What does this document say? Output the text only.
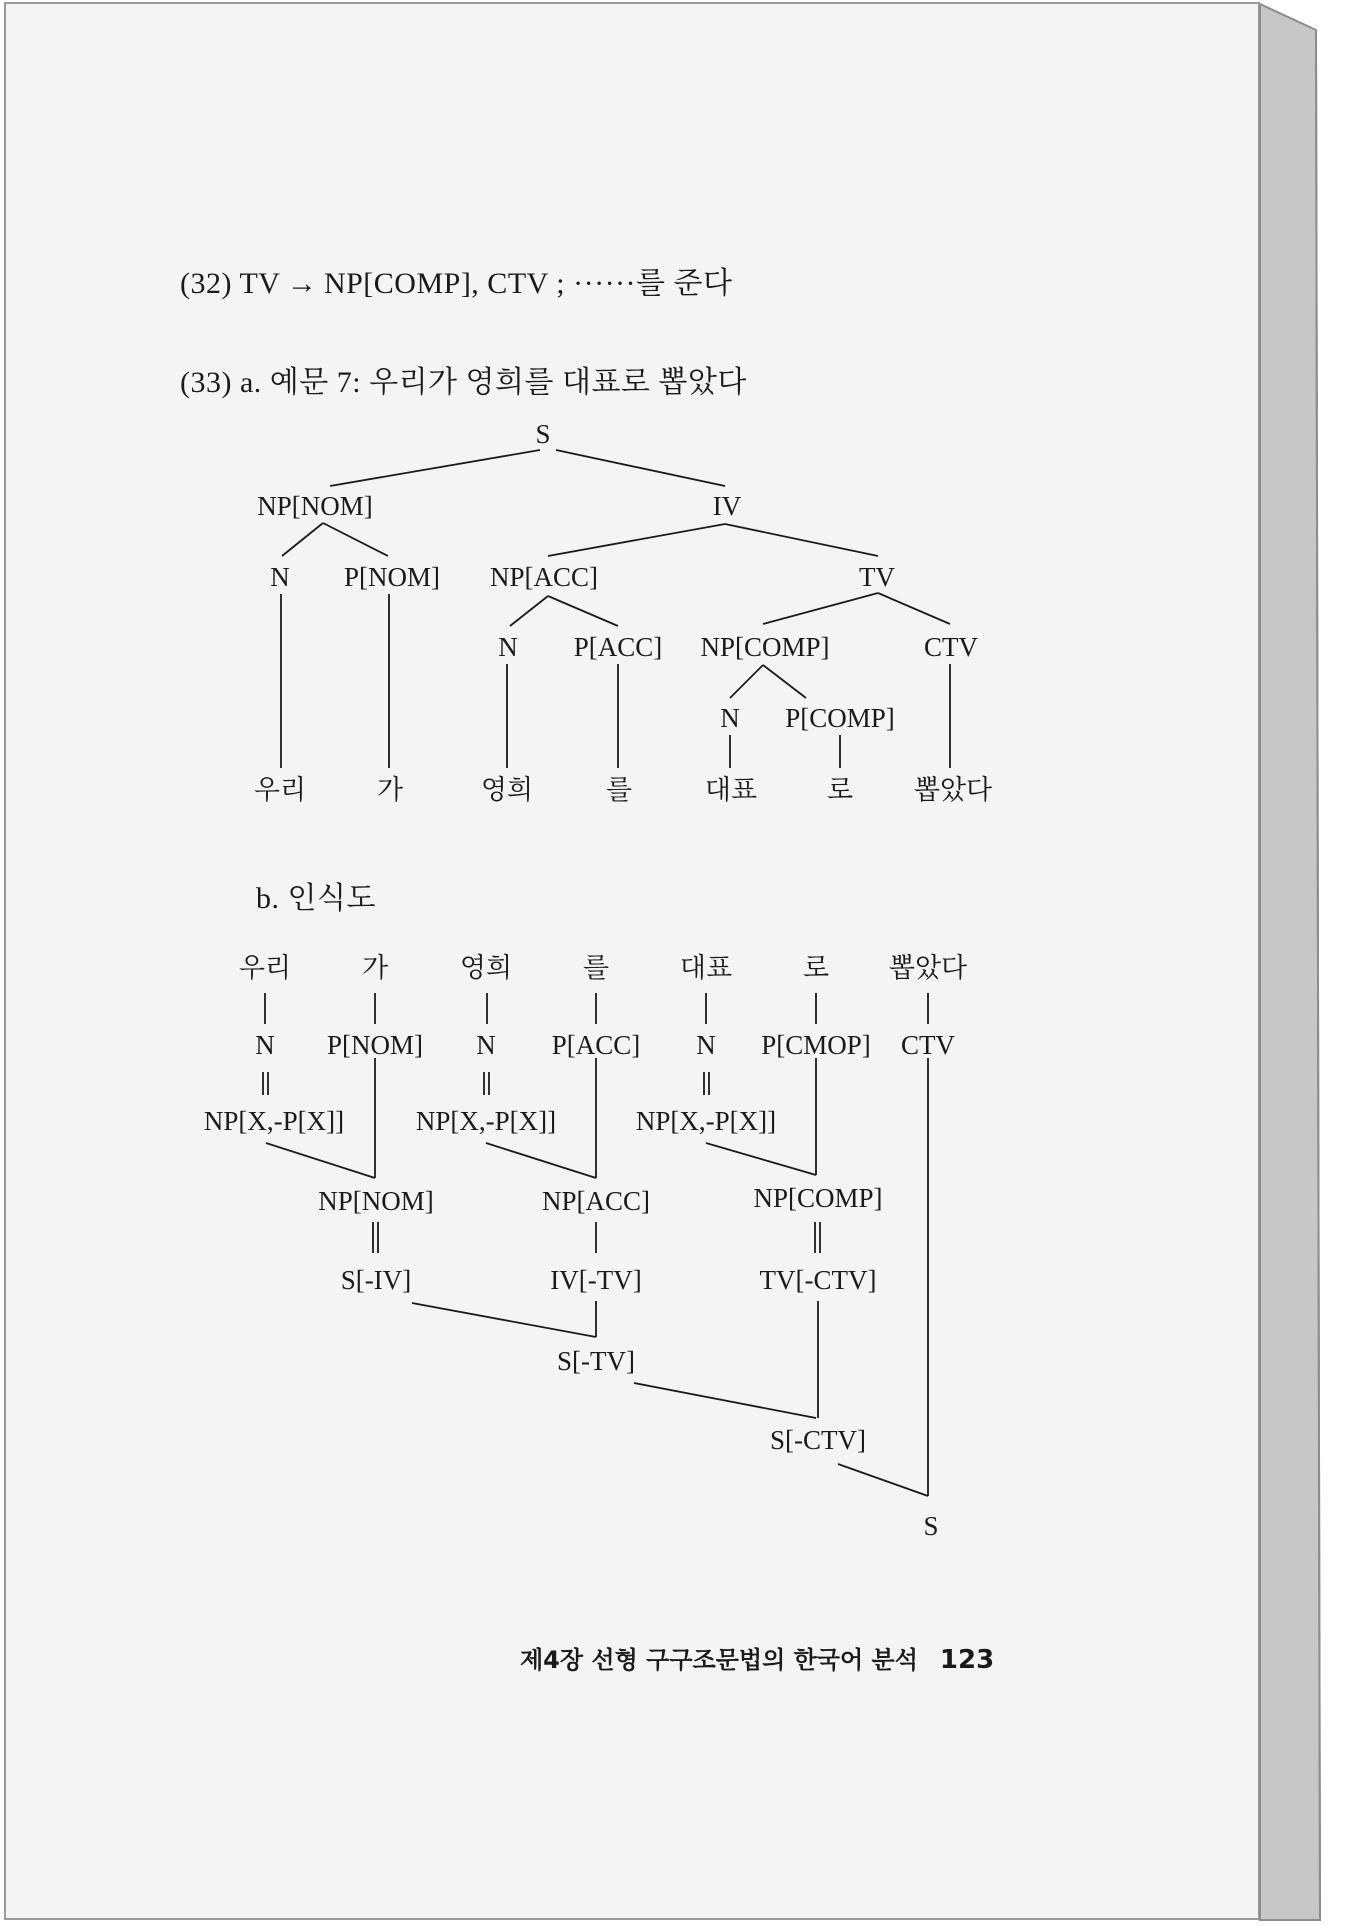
(32) TV → NP[COMP], CTV ; ······를 준다
(33) a. 예문 7: 우리가 영희를 대표로 뽑았다
b. 인식도
S
NP[NOM]	IV
N P[NOM] NP[ACC]	TV
N P[ACC] NP[COMP]	CTV
N P[COMP]
우리	가	영희	를	대표	로 뽑았다
우리	가	영희	를	대표	로 뽑았다
N P[NOM] N P[ACC] N P[CMOP] CTV
NP[X,-P[X]]	NP[X,-P[X]]	NP[X,-P[X]]
NP[NOM]	NP[ACC]	NP[COMP]
S[-IV]	IV[-TV]	TV[-CTV]
S[-TV]
S[-CTV]
S
제4장 선형 구구조문법의 한국어 분석 123
